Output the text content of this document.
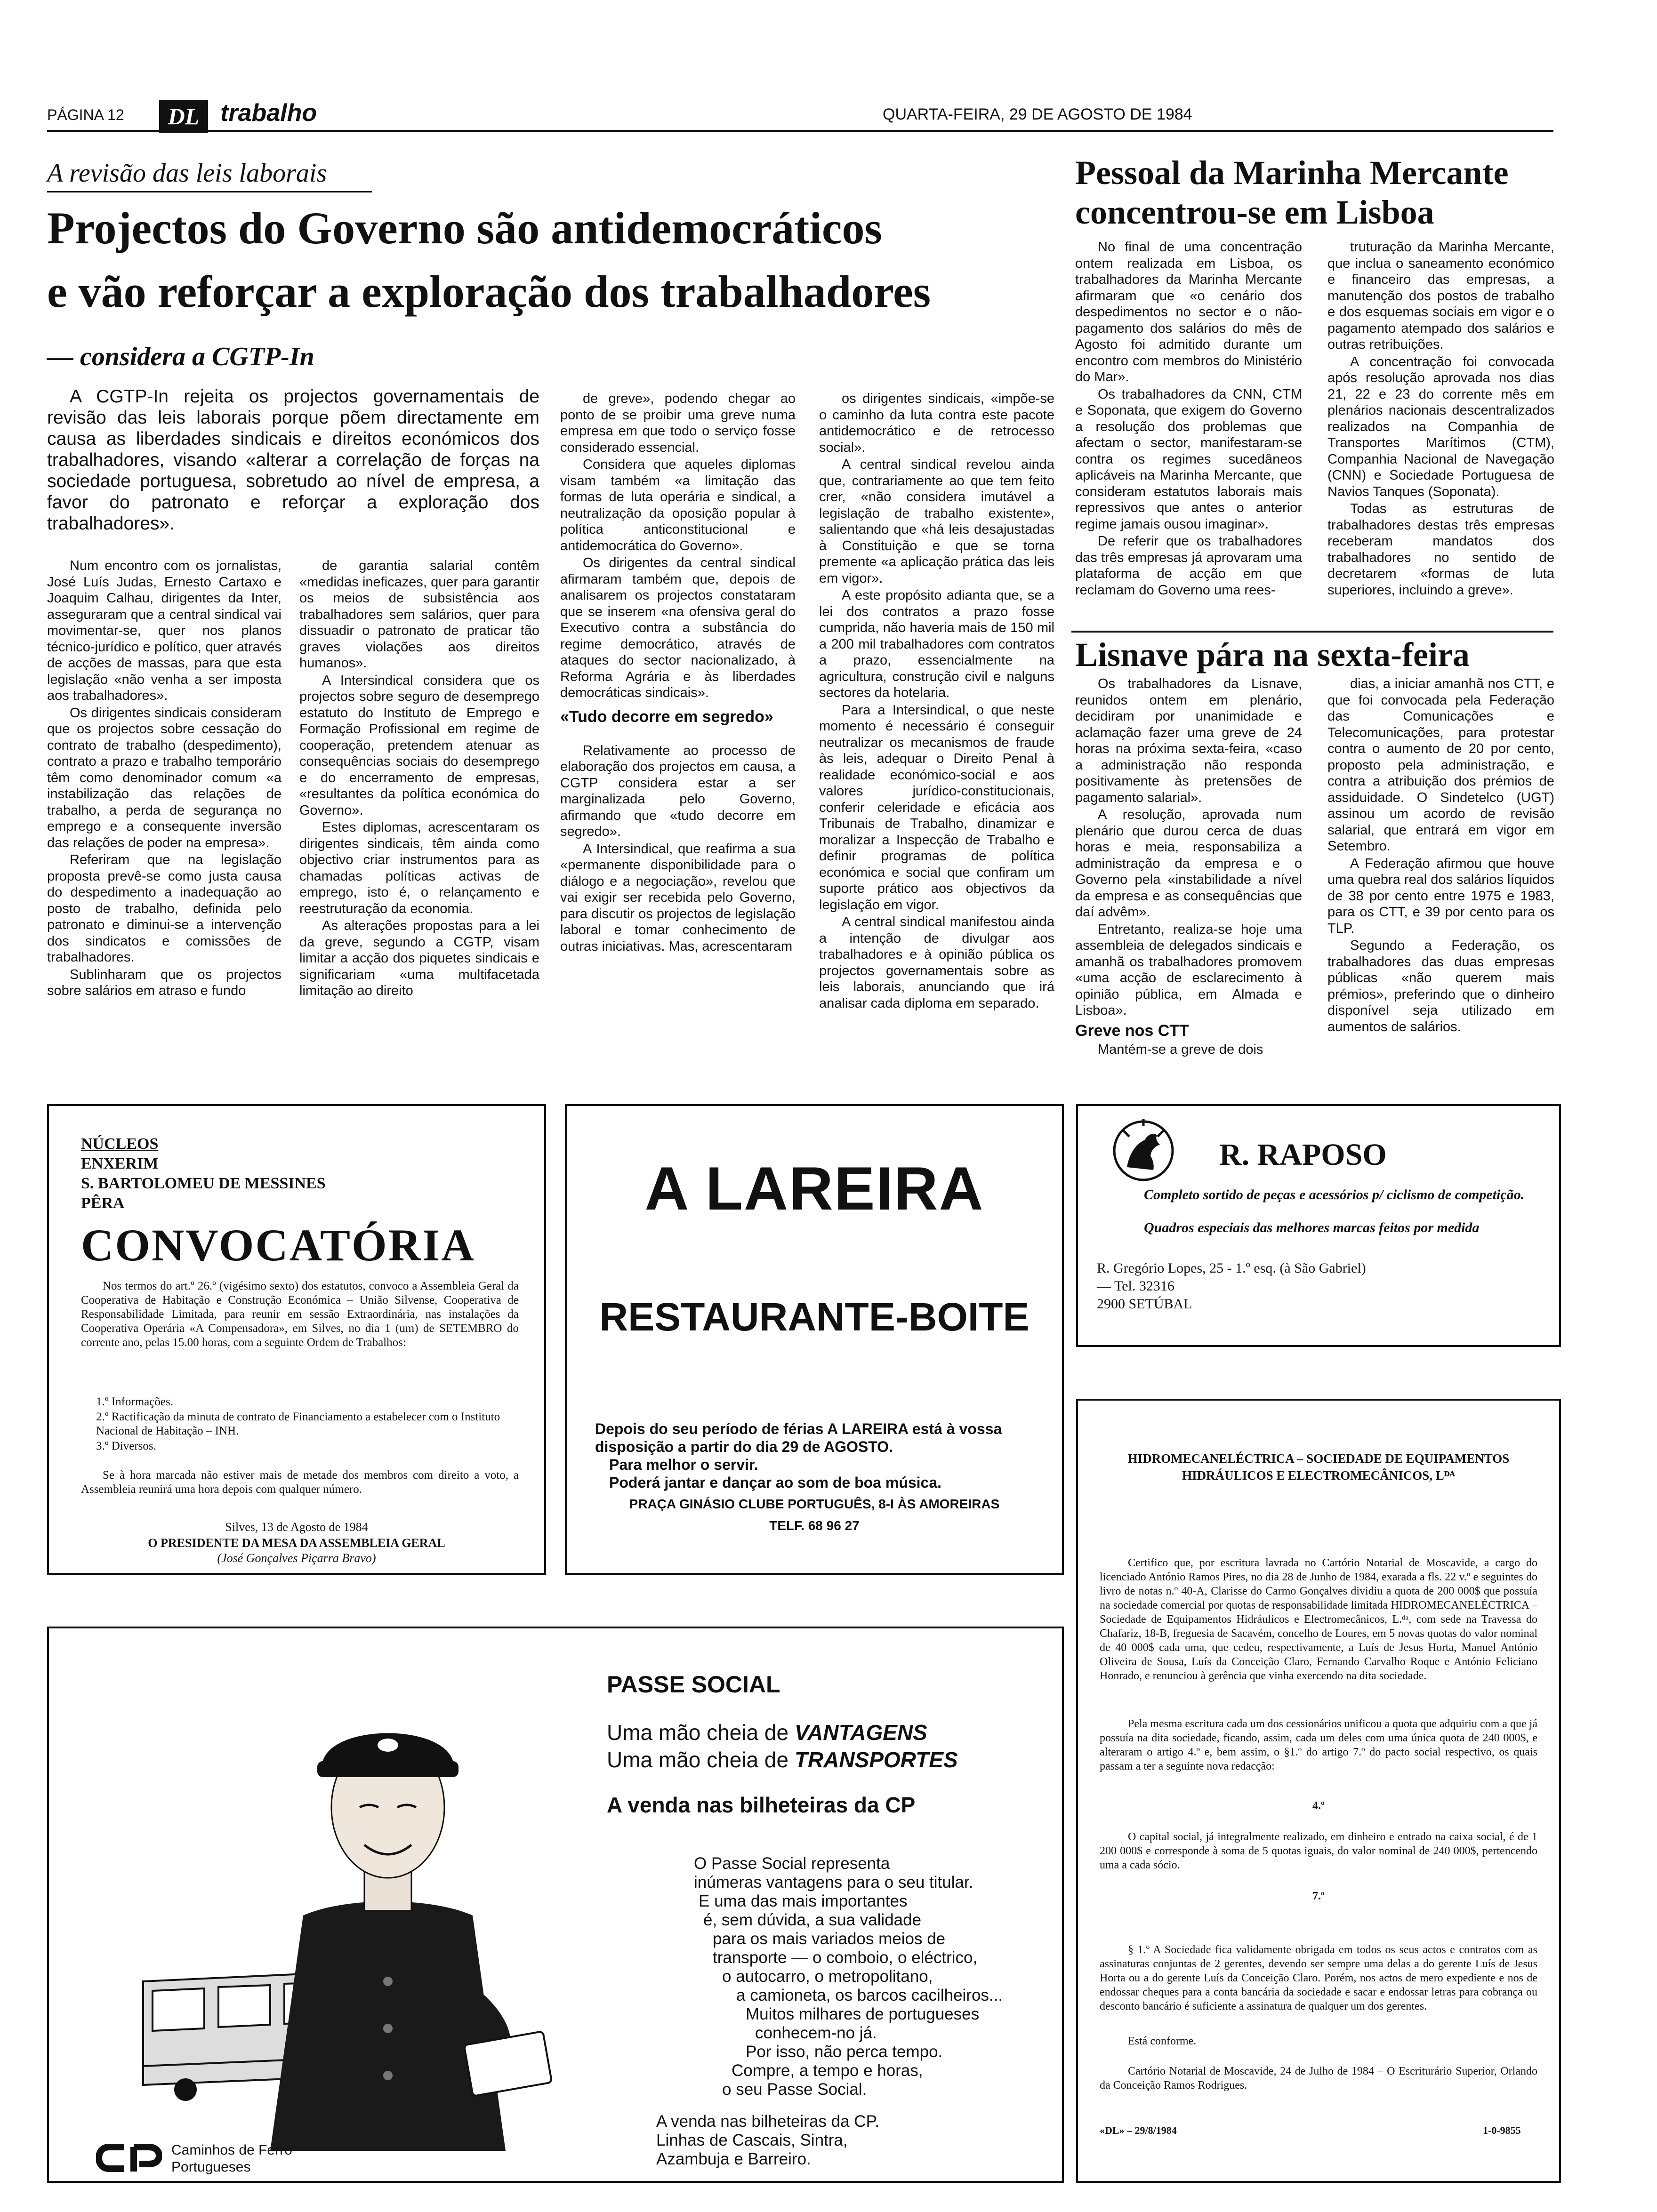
PÁGINA 12 DL trabalho	QUARTA-FEIRA, 29 DE AGOSTO DE 1984
A revisão das leis laborais
Projectos do Governo são antidemocráticos
e vão reforçar a exploração dos trabalhadores
— considera a CGTP-In

A CGTP-In rejeita os projectos governamentais de revisão das leis laborais porque põem directamente em causa as liberdades sindicais e direitos económicos dos trabalhadores, visando «alterar a correlação de forças na sociedade portuguesa, sobretudo ao nível de empresa, a favor do patronato e reforçar a exploração dos trabalhadores».

Num encontro com os jornalistas, José Luís Judas, Ernesto Cartaxo e Joaquim Calhau, dirigentes da Inter, asseguraram que a central sindical vai movimentar-se, quer nos planos técnico-jurídico e político, quer através de acções de massas, para que esta legislação «não venha a ser imposta aos trabalhadores».

Os dirigentes sindicais consideram que os projectos sobre cessação do contrato de trabalho (despedimento), contrato a prazo e trabalho temporário têm como denominador comum «a instabilização das relações de trabalho, a perda de segurança no emprego e a consequente inversão das relações de poder na empresa».

Referiram que na legislação proposta prevê-se como justa causa do despedimento a inadequação ao posto de trabalho, definida pelo patronato e diminui-se a intervenção dos sindicatos e comissões de trabalhadores.

Sublinharam que os projectos sobre salários em atraso e fundo

de garantia salarial contêm «medidas ineficazes, quer para garantir os meios de subsistência aos trabalhadores sem salários, quer para dissuadir o patronato de praticar tão graves violações aos direitos humanos».

A Intersindical considera que os projectos sobre seguro de desemprego estatuto do Instituto de Emprego e Formação Profissional em regime de cooperação, pretendem atenuar as consequências sociais do desemprego e do encerramento de empresas, «resultantes da política económica do Governo».

Estes diplomas, acrescentaram os dirigentes sindicais, têm ainda como objectivo criar instrumentos para as chamadas políticas activas de emprego, isto é, o relançamento e reestruturação da economia.

As alterações propostas para a lei da greve, segundo a CGTP, visam limitar a acção dos piquetes sindicais e significariam «uma multifacetada limitação ao direito

de greve», podendo chegar ao ponto de se proibir uma greve numa empresa em que todo o serviço fosse considerado essencial.

Considera que aqueles diplomas visam também «a limitação das formas de luta operária e sindical, a neutralização da oposição popular à política anticonstitucional e antidemocrática do Governo».

Os dirigentes da central sindical afirmaram também que, depois de analisarem os projectos constataram que se inserem «na ofensiva geral do Executivo contra a substância do regime democrático, através de ataques do sector nacionalizado, à Reforma Agrária e às liberdades democráticas sindicais».

«Tudo decorre em segredo»

Relativamente ao processo de elaboração dos projectos em causa, a CGTP considera estar a ser marginalizada pelo Governo, afirmando que «tudo decorre em segredo».

A Intersindical, que reafirma a sua «permanente disponibilidade para o diálogo e a negociação», revelou que vai exigir ser recebida pelo Governo, para discutir os projectos de legislação laboral e tomar conhecimento de outras iniciativas. Mas, acrescentaram

os dirigentes sindicais, «impõe-se o caminho da luta contra este pacote antidemocrático e de retrocesso social».

A central sindical revelou ainda que, contrariamente ao que tem feito crer, «não considera imutável a legislação de trabalho existente», salientando que «há leis desajustadas à Constituição e que se torna premente «a aplicação prática das leis em vigor».

A este propósito adianta que, se a lei dos contratos a prazo fosse cumprida, não haveria mais de 150 mil a 200 mil trabalhadores com contratos a prazo, essencialmente na agricultura, construção civil e nalguns sectores da hotelaria.

Para a Intersindical, o que neste momento é necessário é conseguir neutralizar os mecanismos de fraude às leis, adequar o Direito Penal à realidade económico-social e aos valores jurídico-constitucionais, conferir celeridade e eficácia aos Tribunais de Trabalho, dinamizar e moralizar a Inspecção de Trabalho e definir programas de política económica e social que confiram um suporte prático aos objectivos da legislação em vigor.

A central sindical manifestou ainda a intenção de divulgar aos trabalhadores e à opinião pública os projectos governamentais sobre as leis laborais, anunciando que irá analisar cada diploma em separado.

Pessoal da Marinha Mercante
concentrou-se em Lisboa

No final de uma concentração ontem realizada em Lisboa, os trabalhadores da Marinha Mercante afirmaram que «o cenário dos despedimentos no sector e o não-pagamento dos salários do mês de Agosto foi admitido durante um encontro com membros do Ministério do Mar».

Os trabalhadores da CNN, CTM e Soponata, que exigem do Governo a resolução dos problemas que afectam o sector, manifestaram-se contra os regimes sucedâneos aplicáveis na Marinha Mercante, que consideram estatutos laborais mais repressivos que antes o anterior regime jamais ousou imaginar».

De referir que os trabalhadores das três empresas já aprovaram uma plataforma de acção em que reclamam do Governo uma rees-

truturação da Marinha Mercante, que inclua o saneamento económico e financeiro das empresas, a manutenção dos postos de trabalho e dos esquemas sociais em vigor e o pagamento atempado dos salários e outras retribuições.

A concentração foi convocada após resolução aprovada nos dias 21, 22 e 23 do corrente mês em plenários nacionais descentralizados realizados na Companhia de Transportes Marítimos (CTM), Companhia Nacional de Navegação (CNN) e Sociedade Portuguesa de Navios Tanques (Soponata).

Todas as estruturas de trabalhadores destas três empresas receberam mandatos dos trabalhadores no sentido de decretarem «formas de luta superiores, incluindo a greve».

Lisnave pára na sexta-feira

Os trabalhadores da Lisnave, reunidos ontem em plenário, decidiram por unanimidade e aclamação fazer uma greve de 24 horas na próxima sexta-feira, «caso a administração não responda positivamente às pretensões de pagamento salarial».

A resolução, aprovada num plenário que durou cerca de duas horas e meia, responsabiliza a administração da empresa e o Governo pela «instabilidade a nível da empresa e as consequências que daí advêm».

Entretanto, realiza-se hoje uma assembleia de delegados sindicais e amanhã os trabalhadores promovem «uma acção de esclarecimento à opinião pública, em Almada e Lisboa».

Greve nos CTT

Mantém-se a greve de dois

dias, a iniciar amanhã nos CTT, e que foi convocada pela Federação das Comunicações e Telecomunicações, para protestar contra o aumento de 20 por cento, proposto pela administração, e contra a atribuição dos prémios de assiduidade. O Sindetelco (UGT) assinou um acordo de revisão salarial, que entrará em vigor em Setembro.

A Federação afirmou que houve uma quebra real dos salários líquidos de 38 por cento entre 1975 e 1983, para os CTT, e 39 por cento para os TLP.

Segundo a Federação, os trabalhadores das duas empresas públicas «não querem mais prémios», preferindo que o dinheiro disponível seja utilizado em aumentos de salários.

NÚCLEOS
ENXERIM
S. BARTOLOMEU DE MESSINES
PÊRA
CONVOCATÓRIA
Nos termos do art.º 26.º (vigésimo sexto) dos estatutos, convoco a Assembleia Geral da Cooperativa de Habitação e Construção Económica – União Silvense, Cooperativa de Responsabilidade Limitada, para reunir em sessão Extraordinária, nas instalações da Cooperativa Operária «A Compensadora», em Silves, no dia 1 (um) de SETEMBRO do corrente ano, pelas 15.00 horas, com a seguinte Ordem de Trabalhos:
1.º Informações.
2.º Ractificação da minuta de contrato de Financiamento a estabelecer com o Instituto Nacional de Habitação – INH.
3.º Diversos.
Se à hora marcada não estiver mais de metade dos membros com direito a voto, a Assembleia reunirá uma hora depois com qualquer número.
Silves, 13 de Agosto de 1984
O PRESIDENTE DA MESA DA ASSEMBLEIA GERAL
(José Gonçalves Piçarra Bravo)
A LAREIRA
RESTAURANTE-BOITE
Depois do seu período de férias A LAREIRA está à vossa
disposição a partir do dia 29 de AGOSTO.
Para melhor o servir.
Poderá jantar e dançar ao som de boa música.
PRAÇA GINÁSIO CLUBE PORTUGUÊS, 8-I ÀS AMOREIRAS
TELF. 68 96 27
R. RAPOSO
Completo sortido de peças e acessórios p/ ciclismo de competição.
Quadros especiais das melhores marcas feitos por medida
R. Gregório Lopes, 25 - 1.º esq. (à São Gabriel)
— Tel. 32316
2900 SETÚBAL
HIDROMECANELÉCTRICA – SOCIEDADE DE EQUIPAMENTOS
HIDRÁULICOS E ELECTROMECÂNICOS, Lᴰᴬ
Certifico que, por escritura lavrada no Cartório Notarial de Moscavide, a cargo do licenciado António Ramos Pires, no dia 28 de Junho de 1984, exarada a fls. 22 v.º e seguintes do livro de notas n.º 40-A, Clarisse do Carmo Gonçalves dividiu a quota de 200 000$ que possuía na sociedade comercial por quotas de responsabilidade limitada HIDROMECANELÉCTRICA – Sociedade de Equipamentos Hidráulicos e Electromecânicos, L.ᵈᵃ, com sede na Travessa do Chafariz, 18-B, freguesia de Sacavém, concelho de Loures, em 5 novas quotas do valor nominal de 40 000$ cada uma, que cedeu, respectivamente, a Luís de Jesus Horta, Manuel António Oliveira de Sousa, Luís da Conceição Claro, Fernando Carvalho Roque e António Feliciano Honrado, e renunciou à gerência que vinha exercendo na dita sociedade.
Pela mesma escritura cada um dos cessionários unificou a quota que adquiriu com a que já possuía na dita sociedade, ficando, assim, cada um deles com uma única quota de 240 000$, e alteraram o artigo 4.º e, bem assim, o §1.º do artigo 7.º do pacto social respectivo, os quais passam a ter a seguinte nova redacção:
4.º
O capital social, já integralmente realizado, em dinheiro e entrado na caixa social, é de 1 200 000$ e corresponde à soma de 5 quotas iguais, do valor nominal de 240 000$, pertencendo uma a cada sócio.
7.º
§ 1.º A Sociedade fica validamente obrigada em todos os seus actos e contratos com as assinaturas conjuntas de 2 gerentes, devendo ser sempre uma delas a do gerente Luís de Jesus Horta ou a do gerente Luís da Conceição Claro. Porém, nos actos de mero expediente e nos de endossar cheques para a conta bancária da sociedade e sacar e endossar letras para cobrança ou desconto bancário é suficiente a assinatura de qualquer um dos gerentes.
Está conforme.
Cartório Notarial de Moscavide, 24 de Julho de 1984 – O Escriturário Superior, Orlando da Conceição Ramos Rodrigues.
«DL» – 29/8/1984	1-0-9855
PASSE SOCIAL
Uma mão cheia de VANTAGENS
Uma mão cheia de TRANSPORTES
A venda nas bilheteiras da CP
O Passe Social representa
inúmeras vantagens para o seu titular.
E uma das mais importantes
é, sem dúvida, a sua validade
para os mais variados meios de
transporte — o comboio, o eléctrico,
o autocarro, o metropolitano,
a camioneta, os barcos cacilheiros...
Muitos milhares de portugueses
conhecem-no já.
Por isso, não perca tempo.
Compre, a tempo e horas,
o seu Passe Social.
A venda nas bilheteiras da CP.
Linhas de Cascais, Sintra,
Azambuja e Barreiro.
Caminhos de Ferro
Portugueses
